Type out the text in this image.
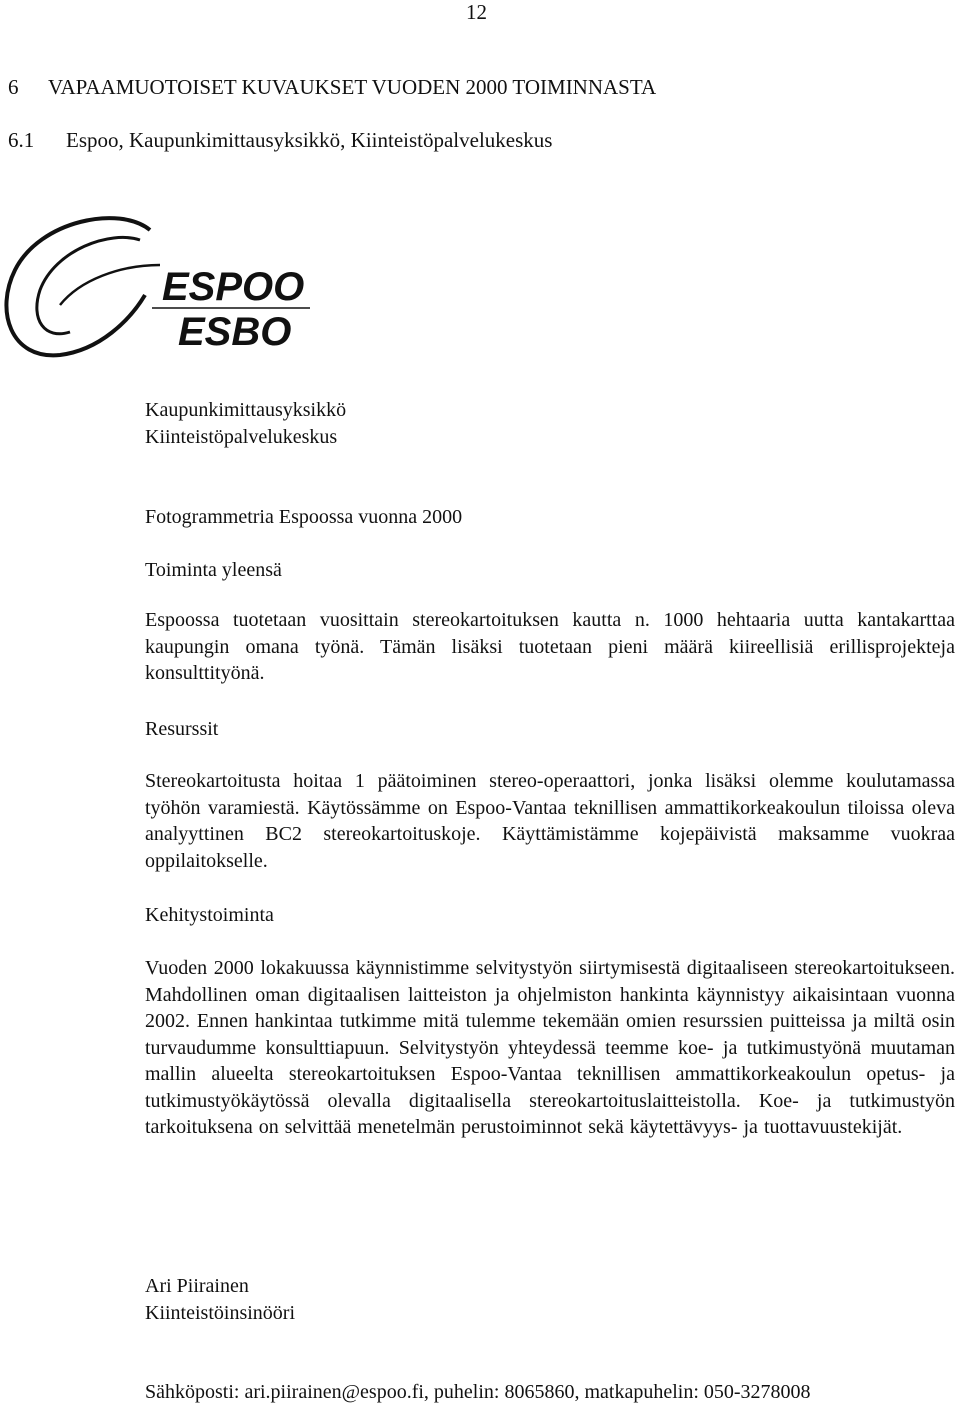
12
6 VAPAAMUOTOISET KUVAUKSET VUODEN 2000 TOIMINNASTA
6.1 Espoo, Kaupunkimittausyksikkö, Kiinteistöpalvelukeskus
ESPOO
ESBO
Kaupunkimittausyksikkö
Kiinteistöpalvelukeskus
Fotogrammetria Espoossa vuonna 2000
Toiminta yleensä

Espoossa tuotetaan vuosittain stereokartoituksen kautta n. 1000 hehtaaria uutta kantakarttaa kaupungin omana työnä. Tämän lisäksi tuotetaan pieni määrä kiireellisiä erillisprojekteja konsulttityönä.

Resurssit

Stereokartoitusta hoitaa 1 päätoiminen stereo-operaattori, jonka lisäksi olemme koulutamassa työhön varamiestä. Käytössämme on Espoo-Vantaa teknillisen ammattikorkeakoulun tiloissa oleva analyyttinen BC2 stereokartoituskoje. Käyttämistämme kojepäivistä maksamme vuokraa oppilaitokselle.

Kehitystoiminta

Vuoden 2000 lokakuussa käynnistimme selvitystyön siirtymisestä digitaaliseen stereokartoitukseen. Mahdollinen oman digitaalisen laitteiston ja ohjelmiston hankinta käynnistyy aikaisintaan vuonna 2002. Ennen hankintaa tutkimme mitä tulemme tekemään omien resurssien puitteissa ja miltä osin turvaudumme konsulttiapuun. Selvitystyön yhteydessä teemme koe- ja tutkimustyönä muutaman mallin alueelta stereokartoituksen Espoo-Vantaa teknillisen ammattikorkeakoulun opetus- ja tutkimustyökäytössä olevalla digitaalisella stereokartoituslaitteistolla. Koe- ja tutkimustyön tarkoituksena on selvittää menetelmän perustoiminnot sekä käytettävyys- ja tuottavuustekijät.

Ari Piirainen
Kiinteistöinsinööri
Sähköposti: ari.piirainen@espoo.fi, puhelin: 8065860, matkapuhelin: 050-3278008
